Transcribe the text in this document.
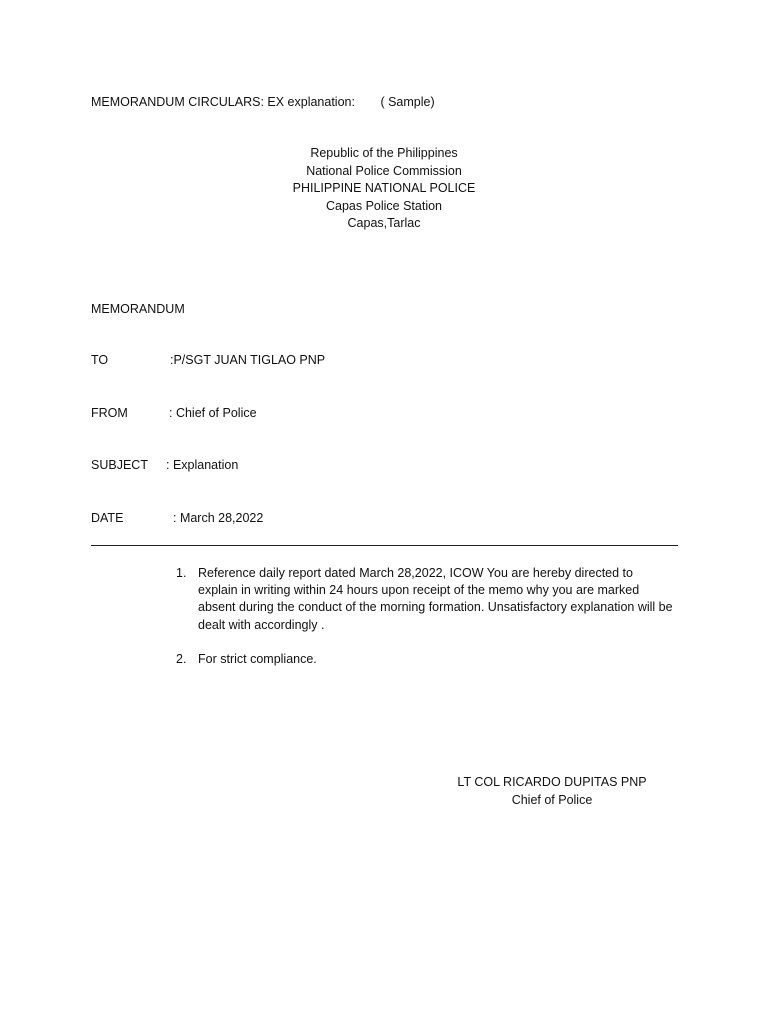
MEMORANDUM CIRCULARS: EX explanation: ( Sample)
Republic of the Philippines
National Police Commission
PHILIPPINE NATIONAL POLICE
Capas Police Station
Capas,Tarlac
MEMORANDUM
TO	:P/SGT JUAN TIGLAO PNP
FROM	: Chief of Police
SUBJECT : Explanation
DATE	: March 28,2022
1. Reference daily report dated March 28,2022, ICOW You are hereby directed to explain in writing within 24 hours upon receipt of the memo why you are marked absent during the conduct of the morning formation. Unsatisfactory explanation will be dealt with accordingly .
2. For strict compliance.
LT COL RICARDO DUPITAS PNP
Chief of Police
